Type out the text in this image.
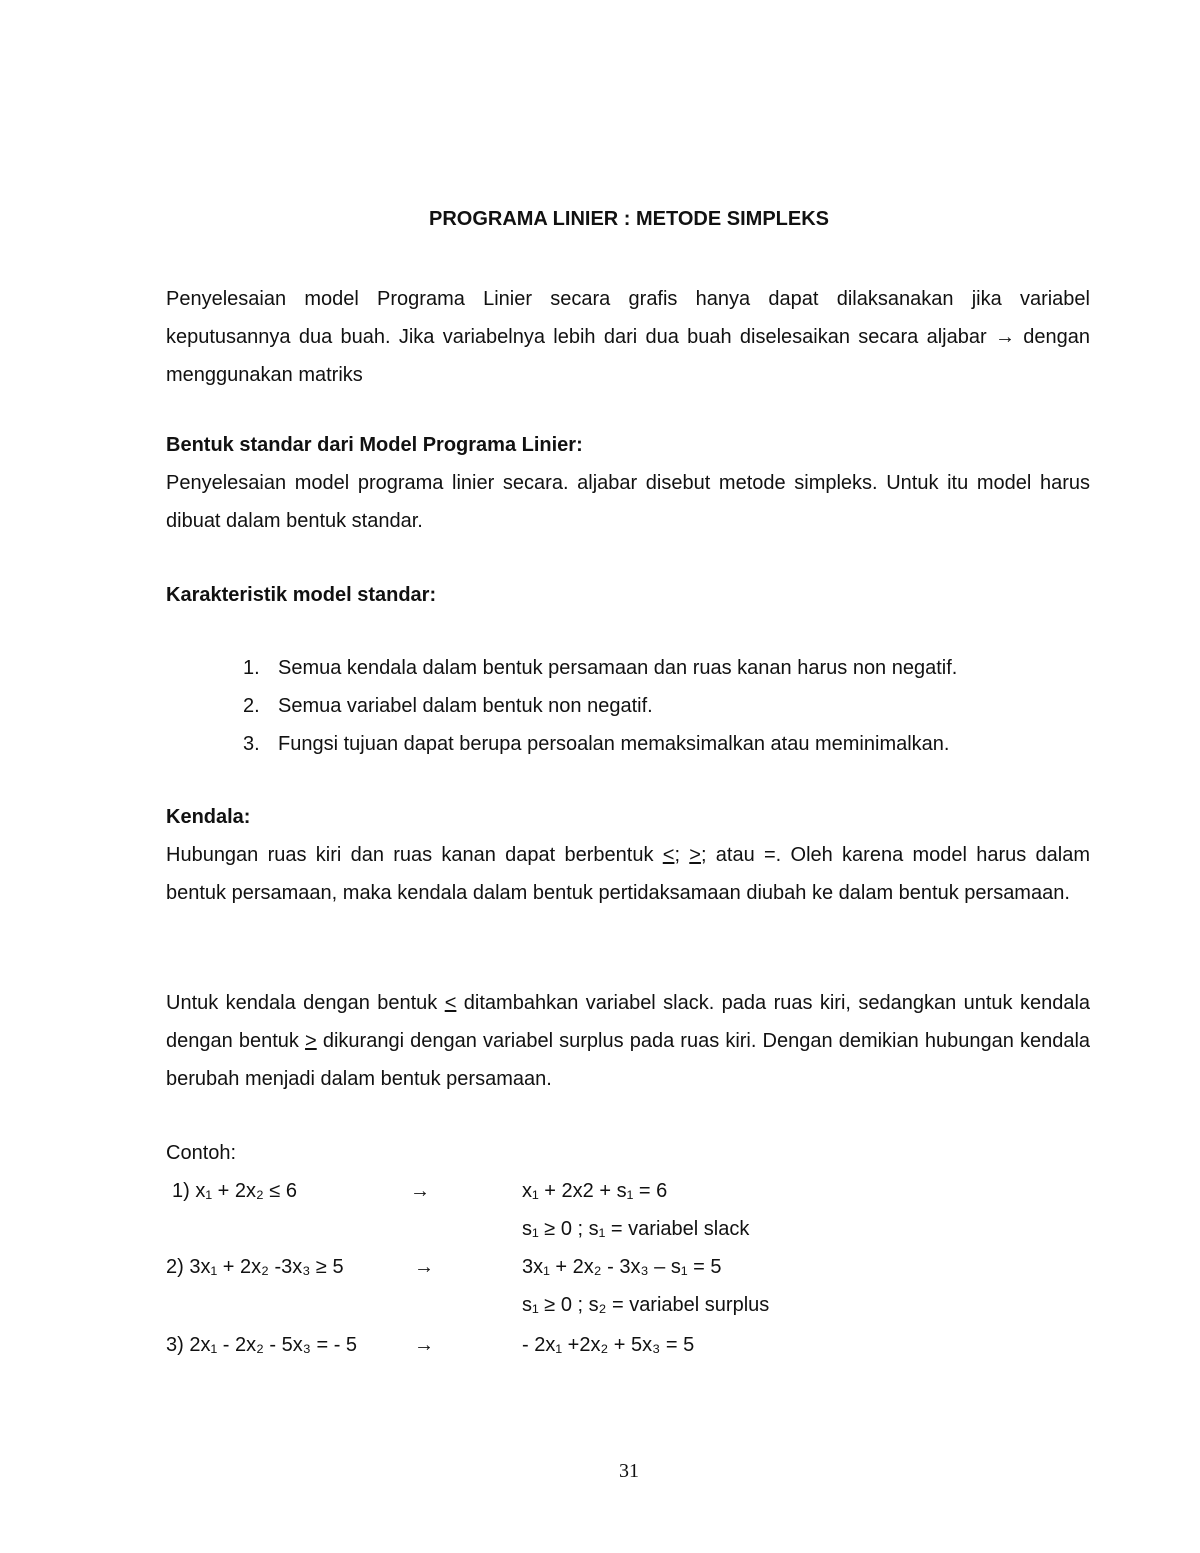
PROGRAMA LINIER : METODE SIMPLEKS
Penyelesaian model Programa Linier secara grafis hanya dapat dilaksanakan jika variabel keputusannya dua buah. Jika variabelnya lebih dari dua buah diselesaikan secara aljabar → dengan menggunakan matriks
Bentuk standar dari Model Programa Linier:
Penyelesaian model programa linier secara. aljabar disebut metode simpleks. Untuk itu model harus dibuat dalam bentuk standar.
Karakteristik model standar:
1. Semua kendala dalam bentuk persamaan dan ruas kanan harus non negatif.
2. Semua variabel dalam bentuk non negatif.
3. Fungsi tujuan dapat berupa persoalan memaksimalkan atau meminimalkan.
Kendala:
Hubungan ruas kiri dan ruas kanan dapat berbentuk <; >; atau =. Oleh karena model harus dalam bentuk persamaan, maka kendala dalam bentuk pertidaksamaan diubah ke dalam bentuk persamaan.
Untuk kendala dengan bentuk < ditambahkan variabel slack. pada ruas kiri, sedangkan untuk kendala dengan bentuk > dikurangi dengan variabel surplus pada ruas kiri. Dengan demikian hubungan kendala berubah menjadi dalam bentuk persamaan.
Contoh:
1) x₁ + 2x₂ ≤ 6	→	x₁ + 2x2 + s₁ = 6
s₁ ≥ 0 ; s₁ = variabel slack
2) 3x₁ + 2x₂ -3x₃ ≥ 5	→	3x₁ + 2x₂ - 3x₃ – s₁ = 5
s₁ ≥ 0 ; s₂ = variabel surplus
3) 2x₁ - 2x₂ - 5x₃ = - 5	→	- 2x₁ +2x₂ + 5x₃ = 5
31
